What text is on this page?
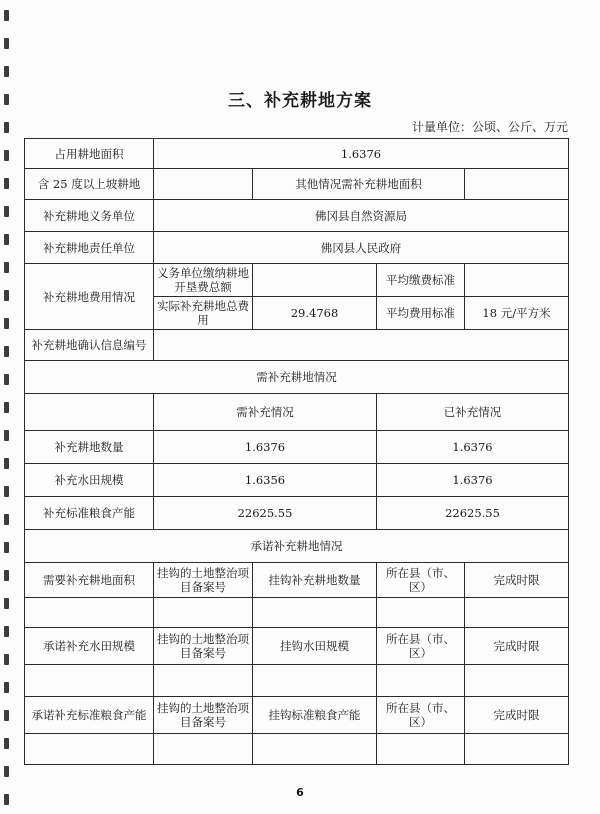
三、补充耕地方案
计量单位：公顷、公斤、万元
占用耕地面积	1.6376			
含 25 度以上坡耕地		其他情况需补充耕地面积		
补充耕地义务单位	佛冈县自然资源局			
补充耕地责任单位	佛冈县人民政府			
补充耕地费用情况	义务单位缴纳耕地开垦费总额		平均缴费标准	
	实际补充耕地总费用	29.4768	平均费用标准	18 元/平方米
补充耕地确认信息编号				
需补充耕地情况				
	需补充情况		已补充情况	
补充耕地数量	1.6376		1.6376	
补充水田规模	1.6356		1.6376	
补充标准粮食产能	22625.55		22625.55	
承诺补充耕地情况				
需要补充耕地面积	挂钩的土地整治项目备案号	挂钩补充耕地数量	所在县（市、区）	完成时限

承诺补充水田规模	挂钩的土地整治项目备案号	挂钩水田规模	所在县（市、区）	完成时限

承诺补充标准粮食产能	挂钩的土地整治项目备案号	挂钩标准粮食产能	所在县（市、区）	完成时限

6
